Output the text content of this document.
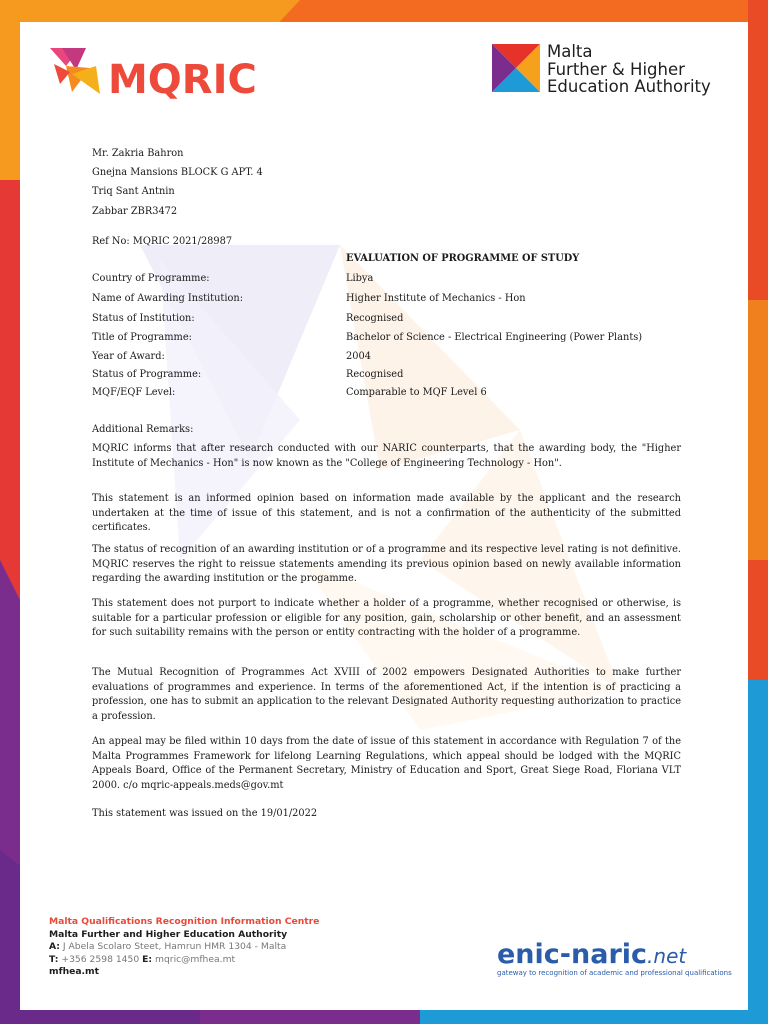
MQRIC
Malta
Further & Higher
Education Authority
Mr. Zakria Bahron
Gnejna Mansions BLOCK G APT. 4
Triq Sant Antnin
Zabbar ZBR3472
Ref No: MQRIC 2021/28987
EVALUATION OF PROGRAMME OF STUDY
Country of Programme:	Libya
Name of Awarding Institution:	Higher Institute of Mechanics - Hon
Status of Institution:	Recognised
Title of Programme:	Bachelor of Science - Electrical Engineering (Power Plants)
Year of Award:	2004
Status of Programme:	Recognised
MQF/EQF Level:	Comparable to MQF Level 6
Additional Remarks:
MQRIC informs that after research conducted with our NARIC counterparts, that the awarding body, the "Higher Institute of Mechanics - Hon" is now known as the "College of Engineering Technology - Hon".
This statement is an informed opinion based on information made available by the applicant and the research undertaken at the time of issue of this statement, and is not a confirmation of the authenticity of the submitted certificates.
The status of recognition of an awarding institution or of a programme and its respective level rating is not definitive. MQRIC reserves the right to reissue statements amending its previous opinion based on newly available information regarding the awarding institution or the progamme.
This statement does not purport to indicate whether a holder of a programme, whether recognised or otherwise, is suitable for a particular profession or eligible for any position, gain, scholarship or other benefit, and an assessment for such suitability remains with the person or entity contracting with the holder of a programme.
The Mutual Recognition of Programmes Act XVIII of 2002 empowers Designated Authorities to make further evaluations of programmes and experience. In terms of the aforementioned Act, if the intention is of practicing a profession, one has to submit an application to the relevant Designated Authority requesting authorization to practice a profession.
An appeal may be filed within 10 days from the date of issue of this statement in accordance with Regulation 7 of the Malta Programmes Framework for lifelong Learning Regulations, which appeal should be lodged with the MQRIC Appeals Board, Office of the Permanent Secretary, Ministry of Education and Sport, Great Siege Road, Floriana VLT 2000. c/o mqric-appeals.meds@gov.mt
This statement was issued on the 19/01/2022
Malta Qualifications Recognition Information Centre
Malta Further and Higher Education Authority
A: J Abela Scolaro Steet, Hamrun HMR 1304 - Malta
T: +356 2598 1450 E: mqric@mfhea.mt
mfhea.mt
enic-naric.net
gateway to recognition of academic and professional qualifications
